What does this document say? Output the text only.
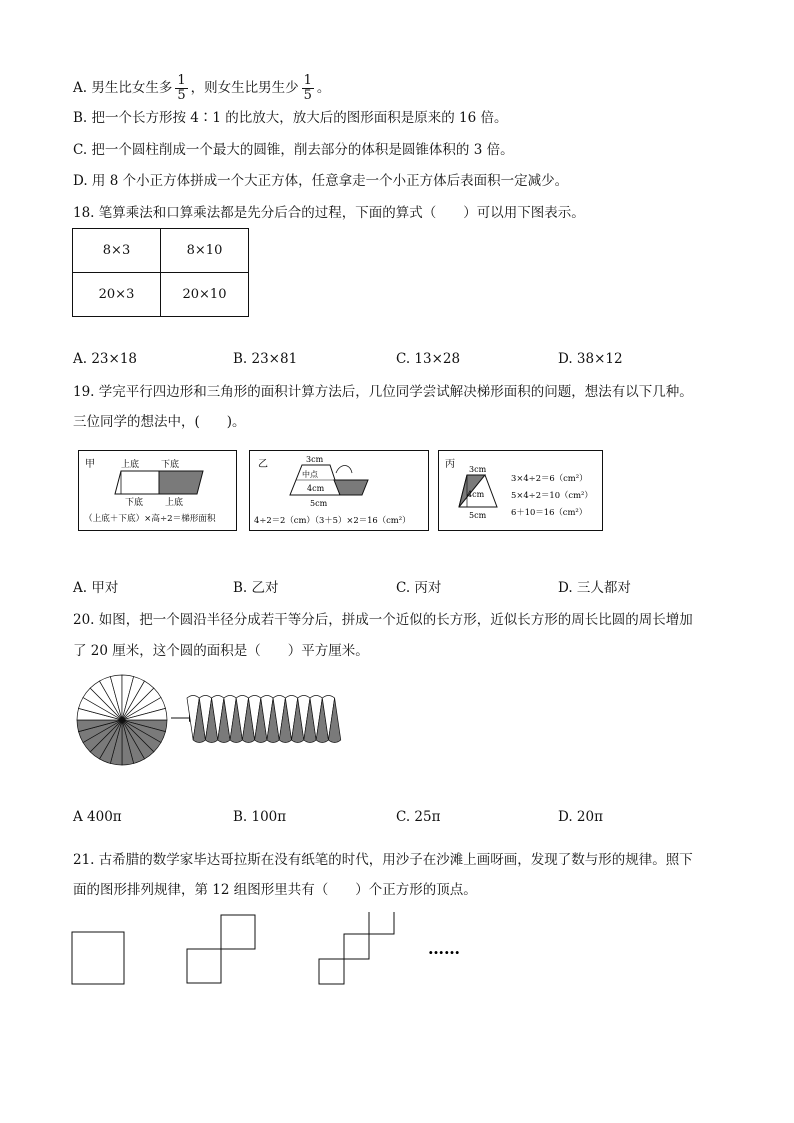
A. 男生比女生多 $\frac{1}{5}$ ，则女生比男生少 $\frac{1}{5}$ 。
B. 把一个长方形按 4∶1 的比放大，放大后的图形面积是原来的 16 倍。
C. 把一个圆柱削成一个最大的圆锥，削去部分的体积是圆锥体积的 3 倍。
D. 用 8 个小正方体拼成一个大正方体，任意拿走一个小正方体后表面积一定减少。
18. 笔算乘法和口算乘法都是先分后合的过程，下面的算式（　　）可以用下图表示。
8×3	8×10
20×3	20×10
A. 23×18	B. 23×81	C. 13×28	D. 38×12
19. 学完平行四边形和三角形的面积计算方法后，几位同学尝试解决梯形面积的问题，想法有以下几种。
三位同学的想法中，(　　)。
甲	上底 下底
下底 上底
（上底＋下底）×高÷2＝梯形面积
乙	3cm
中点
4cm
5cm
4÷2＝2（cm）（3＋5）×2＝16（cm²）
丙 3cm
4cm
5cm
3×4÷2＝6（cm²）
5×4÷2＝10（cm²）
6＋10＝16（cm²）
A. 甲对	B. 乙对	C. 丙对	D. 三人都对
20. 如图，把一个圆沿半径分成若干等分后，拼成一个近似的长方形，近似长方形的周长比圆的周长增加
了 20 厘米，这个圆的面积是（　　）平方厘米。
A 400π	B. 100π	C. 25π	D. 20π
21. 古希腊的数学家毕达哥拉斯在没有纸笔的时代，用沙子在沙滩上画呀画，发现了数与形的规律。照下
面的图形排列规律，第 12 组图形里共有（　　）个正方形的顶点。
……
